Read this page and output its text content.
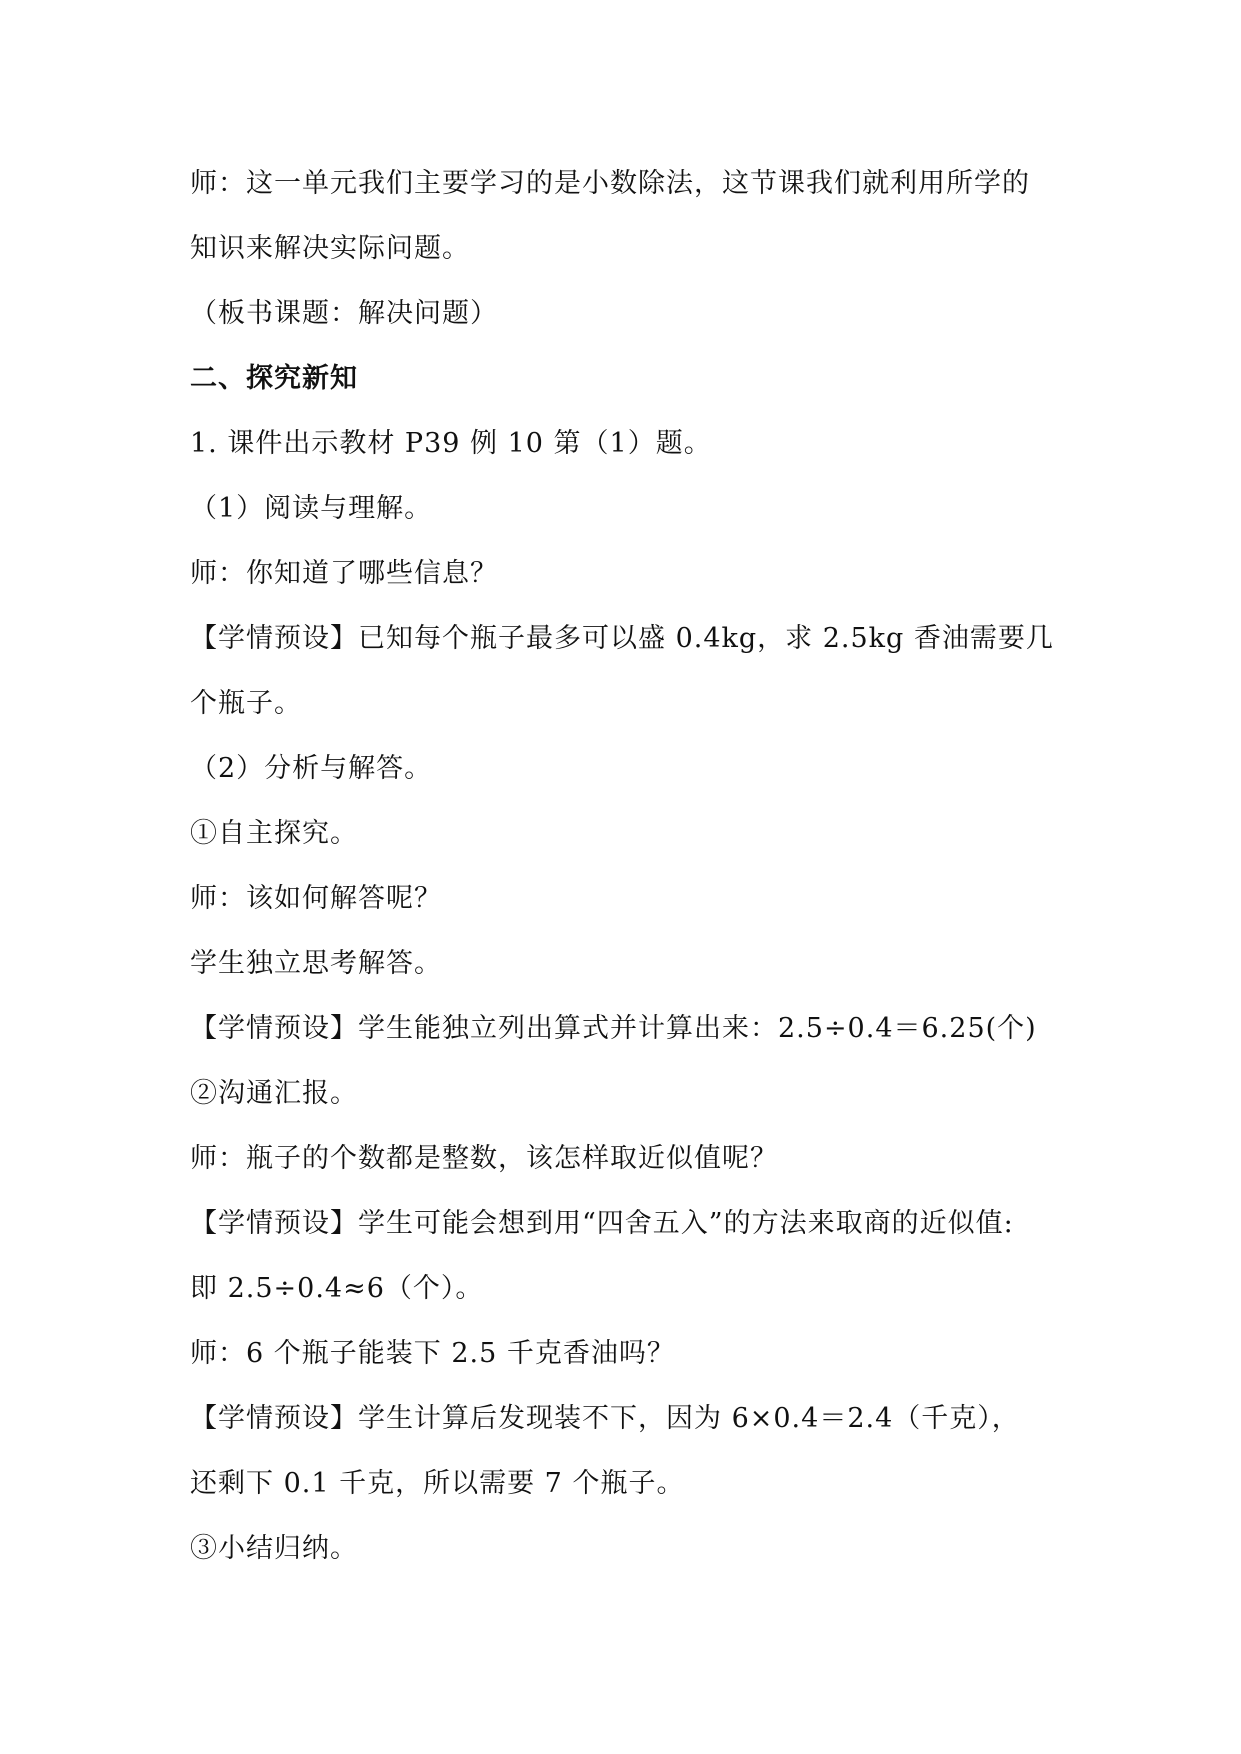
师：这一单元我们主要学习的是小数除法，这节课我们就利用所学的
知识来解决实际问题。
（板书课题：解决问题）
二、探究新知
1. 课件出示教材 P39 例 10 第（1）题。
（1）阅读与理解。
师：你知道了哪些信息？
【学情预设】已知每个瓶子最多可以盛 0.4kg，求 2.5kg 香油需要几
个瓶子。
（2）分析与解答。
①自主探究。
师：该如何解答呢？
学生独立思考解答。
【学情预设】学生能独立列出算式并计算出来：2.5÷0.4＝6.25(个)
②沟通汇报。
师：瓶子的个数都是整数，该怎样取近似值呢？
【学情预设】学生可能会想到用“四舍五入”的方法来取商的近似值:
即 2.5÷0.4≈6（个）。
师：6 个瓶子能装下 2.5 千克香油吗？
【学情预设】学生计算后发现装不下，因为 6×0.4＝2.4（千克），
还剩下 0.1 千克，所以需要 7 个瓶子。
③小结归纳。
